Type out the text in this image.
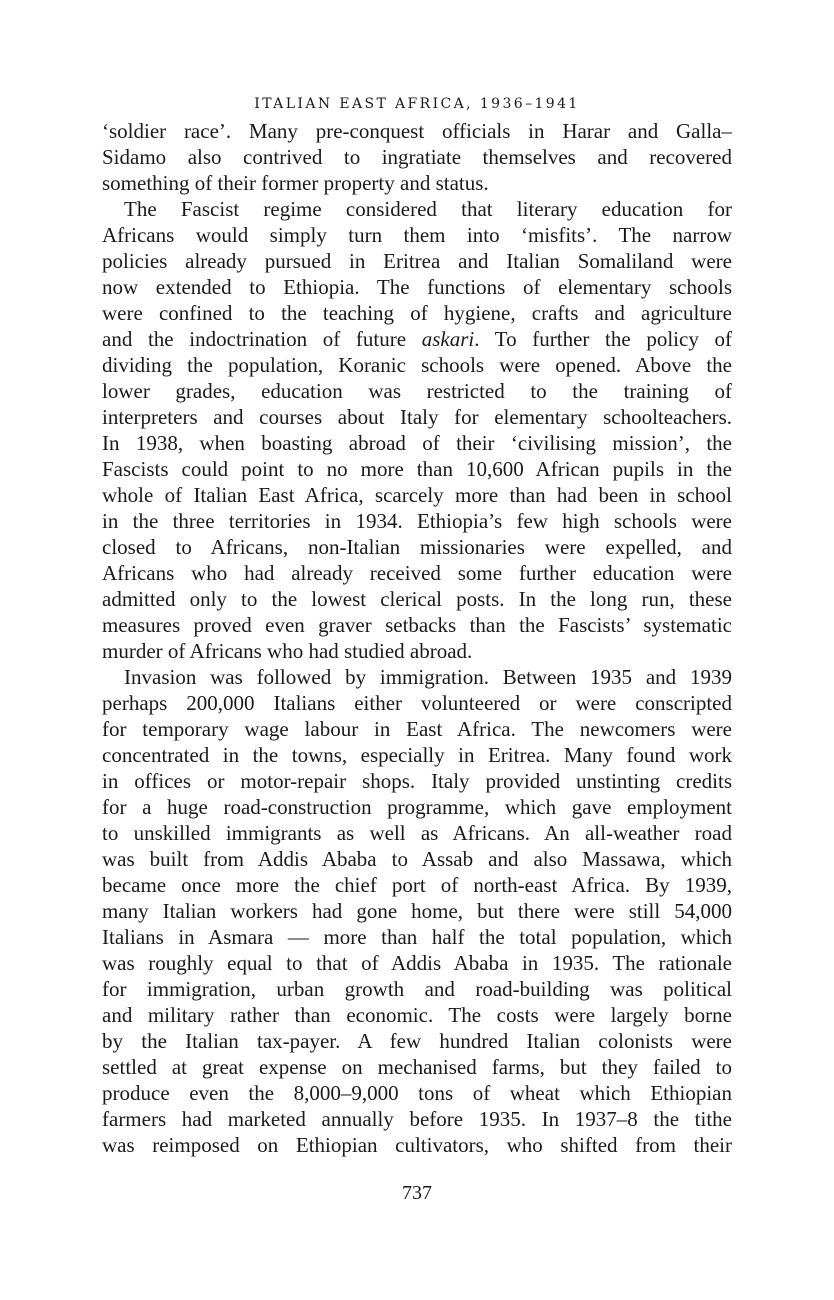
ITALIAN EAST AFRICA, 1936–1941
‘soldier race’. Many pre-conquest officials in Harar and Galla–
Sidamo also contrived to ingratiate themselves and recovered
something of their former property and status.
The Fascist regime considered that literary education for
Africans would simply turn them into ‘misfits’. The narrow
policies already pursued in Eritrea and Italian Somaliland were
now extended to Ethiopia. The functions of elementary schools
were confined to the teaching of hygiene, crafts and agriculture
and the indoctrination of future askari. To further the policy of
dividing the population, Koranic schools were opened. Above the
lower grades, education was restricted to the training of
interpreters and courses about Italy for elementary schoolteachers.
In 1938, when boasting abroad of their ‘civilising mission’, the
Fascists could point to no more than 10,600 African pupils in the
whole of Italian East Africa, scarcely more than had been in school
in the three territories in 1934. Ethiopia’s few high schools were
closed to Africans, non-Italian missionaries were expelled, and
Africans who had already received some further education were
admitted only to the lowest clerical posts. In the long run, these
measures proved even graver setbacks than the Fascists’ systematic
murder of Africans who had studied abroad.
Invasion was followed by immigration. Between 1935 and 1939
perhaps 200,000 Italians either volunteered or were conscripted
for temporary wage labour in East Africa. The newcomers were
concentrated in the towns, especially in Eritrea. Many found work
in offices or motor-repair shops. Italy provided unstinting credits
for a huge road-construction programme, which gave employment
to unskilled immigrants as well as Africans. An all-weather road
was built from Addis Ababa to Assab and also Massawa, which
became once more the chief port of north-east Africa. By 1939,
many Italian workers had gone home, but there were still 54,000
Italians in Asmara — more than half the total population, which
was roughly equal to that of Addis Ababa in 1935. The rationale
for immigration, urban growth and road-building was political
and military rather than economic. The costs were largely borne
by the Italian tax-payer. A few hundred Italian colonists were
settled at great expense on mechanised farms, but they failed to
produce even the 8,000–9,000 tons of wheat which Ethiopian
farmers had marketed annually before 1935. In 1937–8 the tithe
was reimposed on Ethiopian cultivators, who shifted from their
737
